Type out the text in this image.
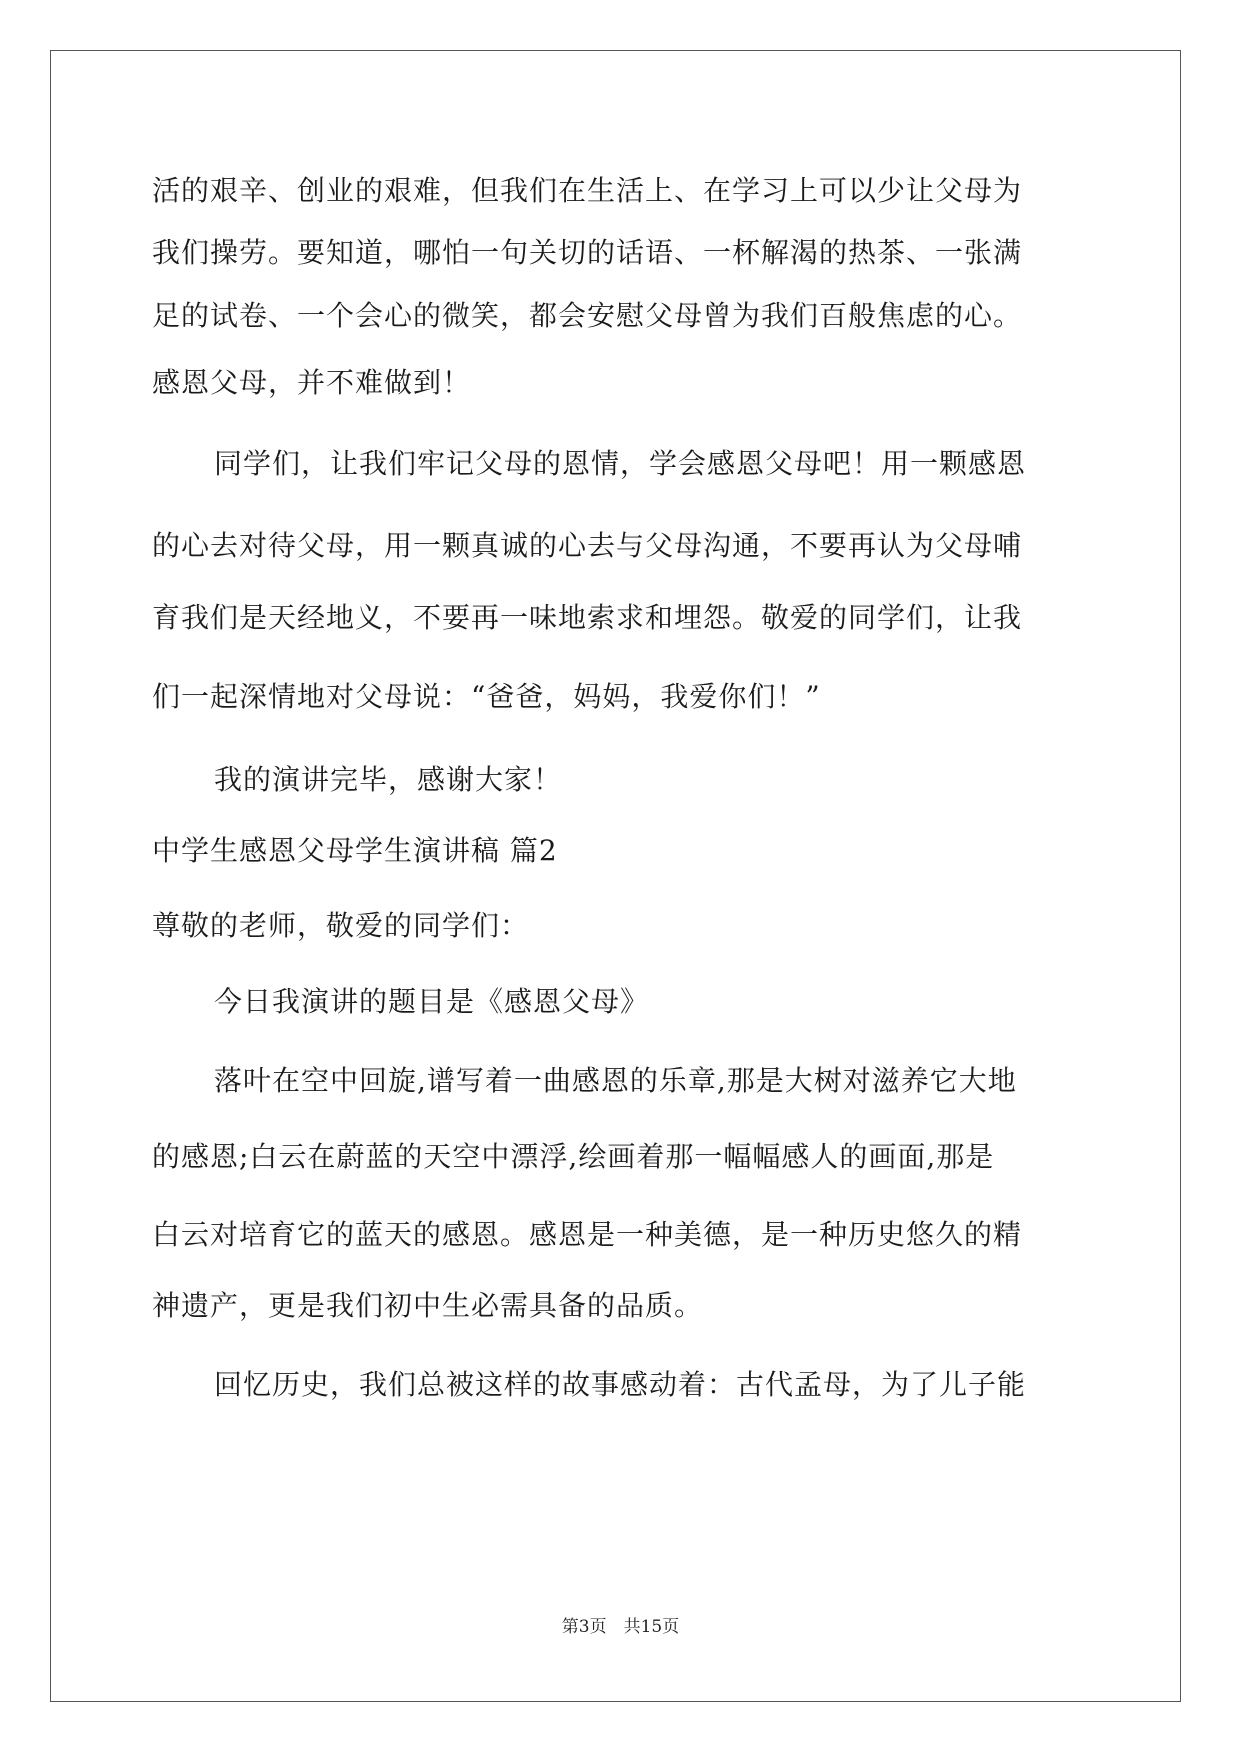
活的艰辛、创业的艰难，但我们在生活上、在学习上可以少让父母为
我们操劳。要知道，哪怕一句关切的话语、一杯解渴的热茶、一张满
足的试卷、一个会心的微笑，都会安慰父母曾为我们百般焦虑的心。
感恩父母，并不难做到！
同学们，让我们牢记父母的恩情，学会感恩父母吧！用一颗感恩
的心去对待父母，用一颗真诚的心去与父母沟通，不要再认为父母哺
育我们是天经地义，不要再一味地索求和埋怨。敬爱的同学们，让我
们一起深情地对父母说：“爸爸，妈妈，我爱你们！”
我的演讲完毕，感谢大家！
中学生感恩父母学生演讲稿 篇2
尊敬的老师，敬爱的同学们：
今日我演讲的题目是《感恩父母》
落叶在空中回旋,谱写着一曲感恩的乐章,那是大树对滋养它大地
的感恩;白云在蔚蓝的天空中漂浮,绘画着那一幅幅感人的画面,那是
白云对培育它的蓝天的感恩。感恩是一种美德，是一种历史悠久的精
神遗产，更是我们初中生必需具备的品质。
回忆历史，我们总被这样的故事感动着：古代孟母，为了儿子能
第3页　共15页
